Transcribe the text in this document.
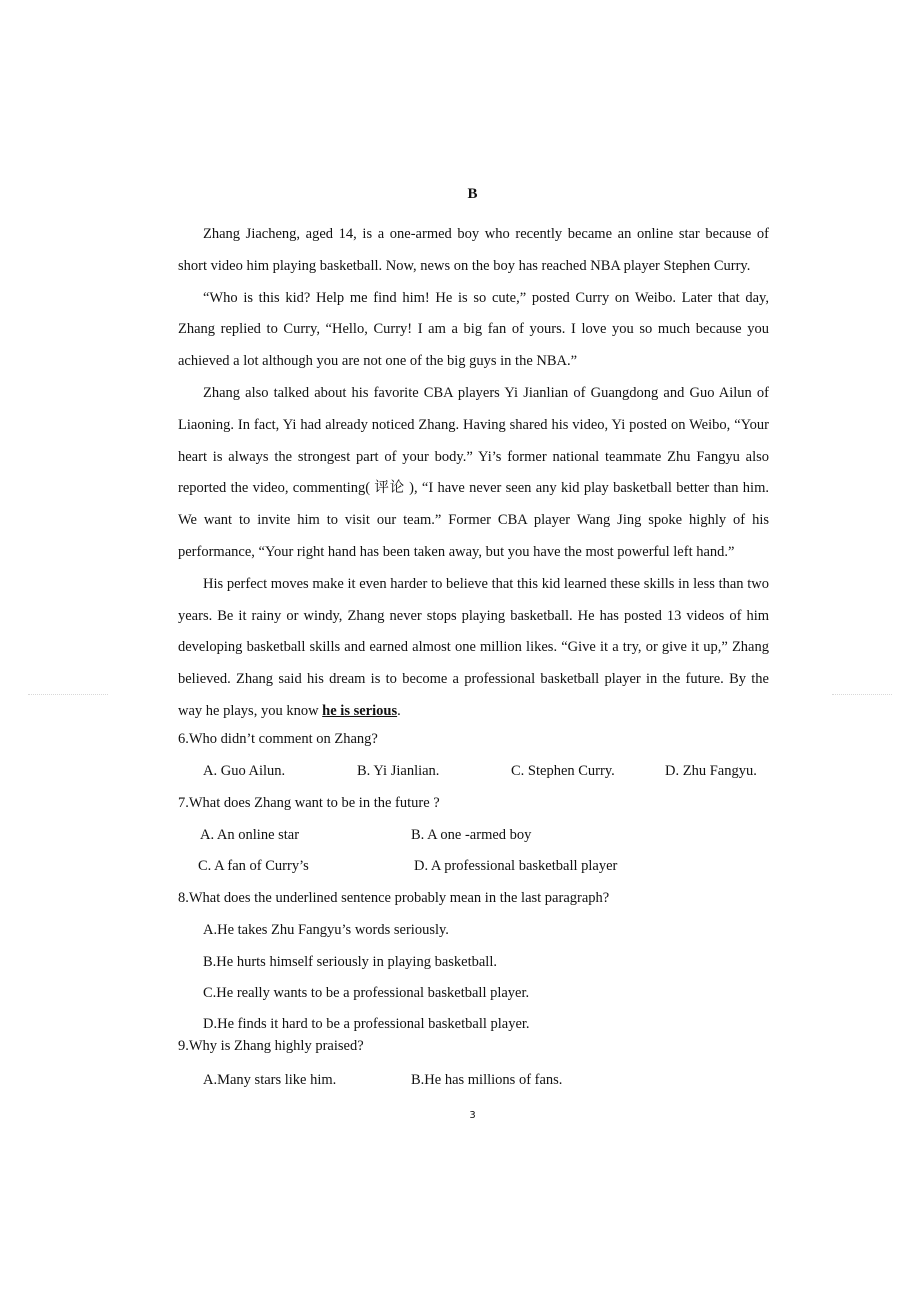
B

Zhang Jiacheng, aged 14, is a one-armed boy who recently became an online star because of short video him playing basketball. Now, news on the boy has reached NBA player Stephen Curry.

“Who is this kid? Help me find him! He is so cute,” posted Curry on Weibo. Later that day, Zhang replied to Curry, “Hello, Curry! I am a big fan of yours. I love you so much because you achieved a lot although you are not one of the big guys in the NBA.”

Zhang also talked about his favorite CBA players Yi Jianlian of Guangdong and Guo Ailun of Liaoning. In fact, Yi had already noticed Zhang. Having shared his video, Yi posted on Weibo, “Your heart is always the strongest part of your body.” Yi’s former national teammate Zhu Fangyu also reported the video, commenting( 评论 ), “I have never seen any kid play basketball better than him. We want to invite him to visit our team.” Former CBA player Wang Jing spoke highly of his performance, “Your right hand has been taken away, but you have the most powerful left hand.”

His perfect moves make it even harder to believe that this kid learned these skills in less than two years. Be it rainy or windy, Zhang never stops playing basketball. He has posted 13 videos of him developing basketball skills and earned almost one million likes. “Give it a try, or give it up,” Zhang believed. Zhang said his dream is to become a professional basketball player in the future. By the way he plays, you know he is serious.

6.Who didn’t comment on Zhang?
A. Guo Ailun.	B. Yi Jianlian.	C. Stephen Curry.	D. Zhu Fangyu.
7.What does Zhang want to be in the future ?
A. An online star	B. A one -armed boy
C. A fan of Curry’s	D. A professional basketball player
8.What does the underlined sentence probably mean in the last paragraph?
A.He takes Zhu Fangyu’s words seriously.
B.He hurts himself seriously in playing basketball.
C.He really wants to be a professional basketball player.
D.He finds it hard to be a professional basketball player.
9.Why is Zhang highly praised?
A.Many stars like him.	B.He has millions of fans.
3
